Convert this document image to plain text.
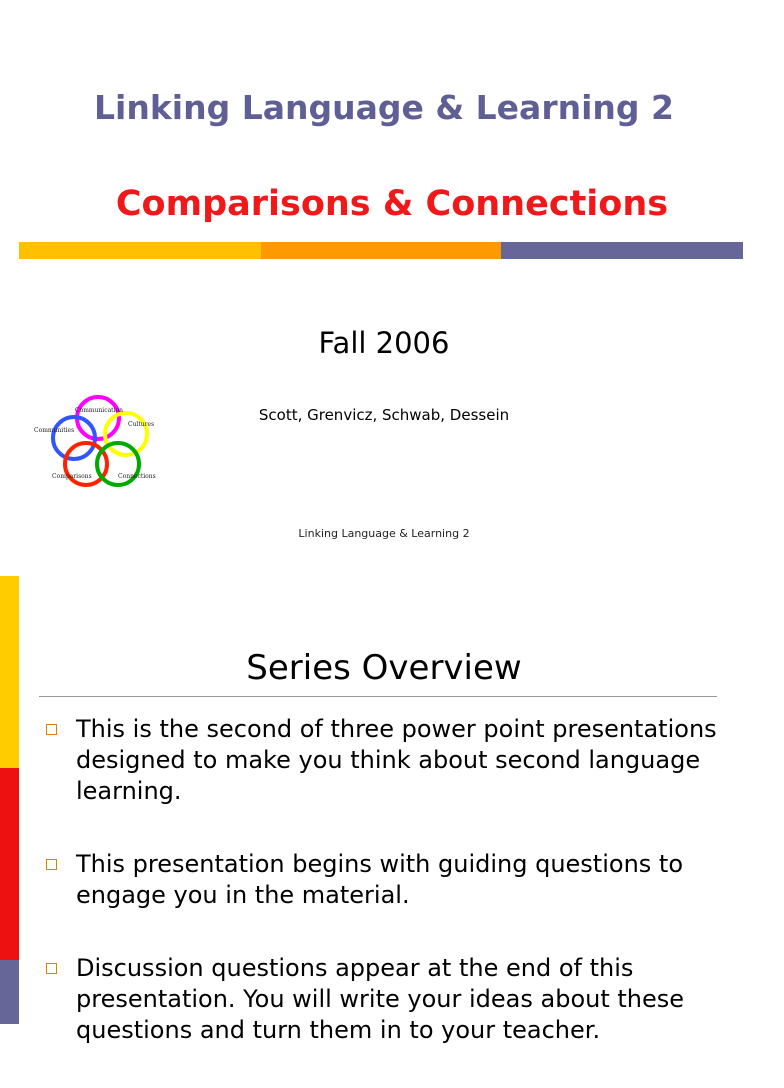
Linking Language & Learning 2
Comparisons & Connections
Fall 2006
Communication
Cultures
Communities
Comparisons	Connections
Scott, Grenvicz, Schwab, Dessein
Linking Language & Learning 2
Series Overview
This is the second of three power point presentations designed to make you think about second language learning.
This presentation begins with guiding questions to engage you in the material.
Discussion questions appear at the end of this presentation. You will write your ideas about these questions and turn them in to your teacher.
